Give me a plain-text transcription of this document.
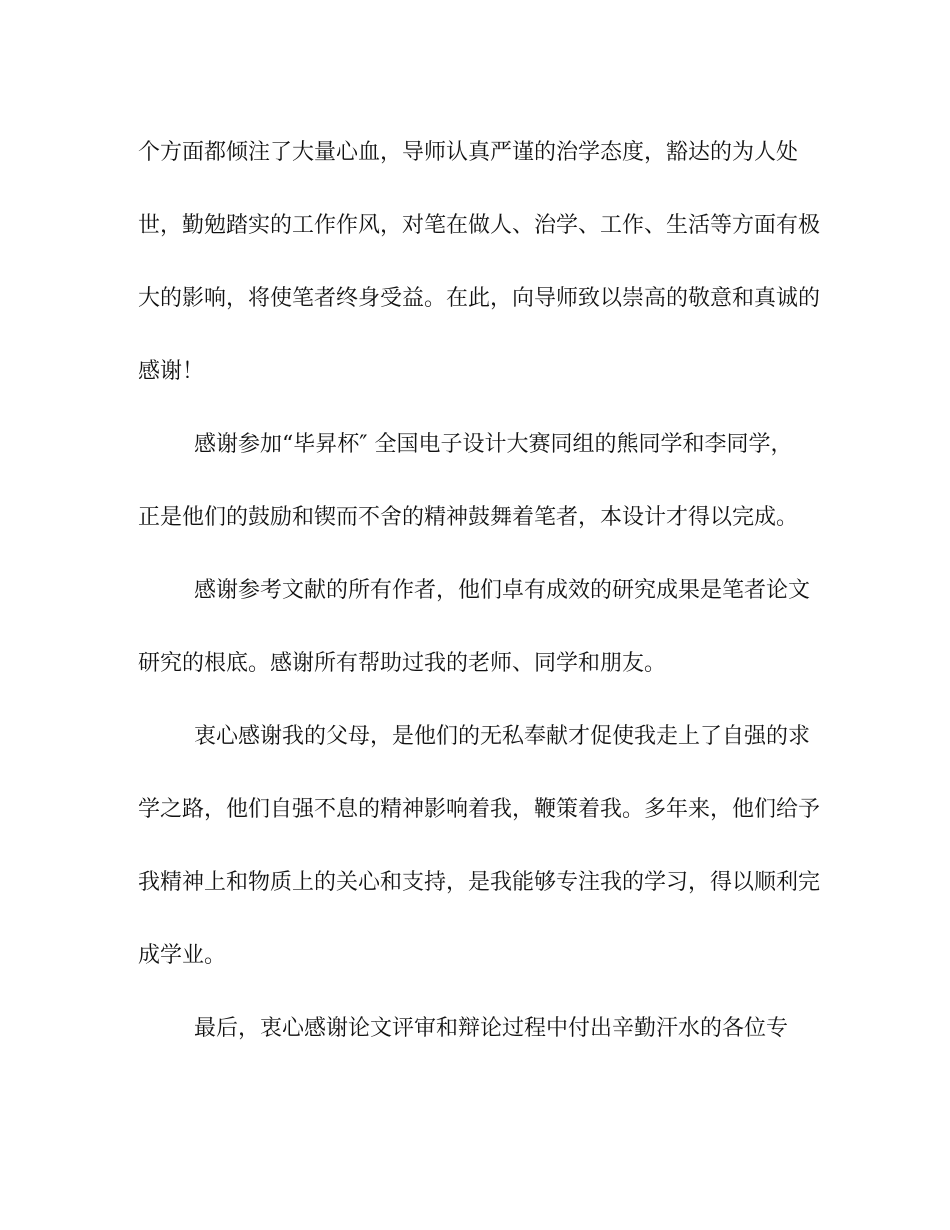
个方面都倾注了大量心血，导师认真严谨的治学态度，豁达的为人处
世，勤勉踏实的工作作风，对笔在做人、治学、工作、生活等方面有极
大的影响，将使笔者终身受益。在此，向导师致以崇高的敬意和真诚的
感谢！
感谢参加“毕昇杯″ 全国电子设计大赛同组的熊同学和李同学，
正是他们的鼓励和锲而不舍的精神鼓舞着笔者，本设计才得以完成。
感谢参考文献的所有作者，他们卓有成效的研究成果是笔者论文
研究的根底。感谢所有帮助过我的老师、同学和朋友。
衷心感谢我的父母，是他们的无私奉献才促使我走上了自强的求
学之路，他们自强不息的精神影响着我，鞭策着我。多年来，他们给予
我精神上和物质上的关心和支持，是我能够专注我的学习，得以顺利完
成学业。
最后，衷心感谢论文评审和辩论过程中付出辛勤汗水的各位专
